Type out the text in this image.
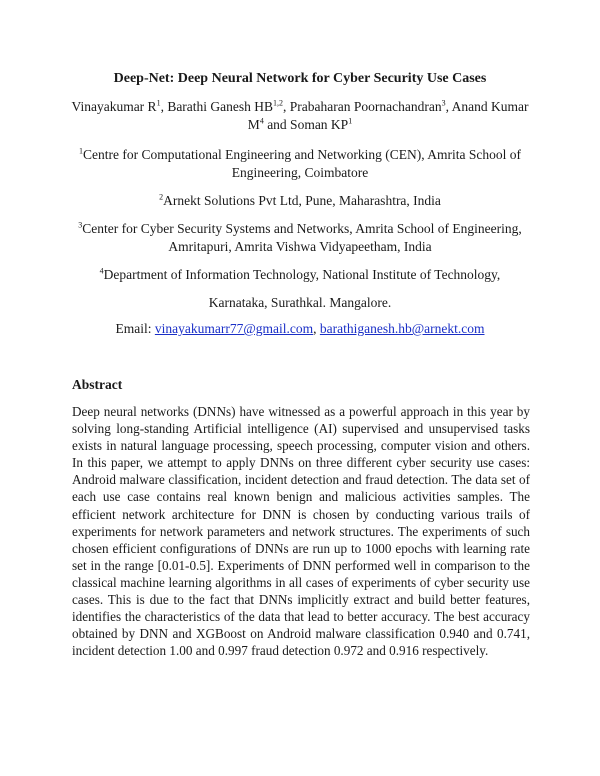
Deep-Net: Deep Neural Network for Cyber Security Use Cases
Vinayakumar $R^1$, Barathi Ganesh HB$^{1,2}$, Prabaharan Poornachandran$^3$, Anand Kumar $M^4$ and Soman $KP^1$
$^1$Centre for Computational Engineering and Networking (CEN), Amrita School of Engineering, Coimbatore
$^2$Arnekt Solutions Pvt Ltd, Pune, Maharashtra, India
$^3$Center for Cyber Security Systems and Networks, Amrita School of Engineering, Amritapuri, Amrita Vishwa Vidyapeetham, India
$^4$Department of Information Technology, National Institute of Technology,
Karnataka, Surathkal. Mangalore.
Email: vinayakumarr77@gmail.com, barathiganesh.hb@arnekt.com
Abstract

Deep neural networks (DNNs) have witnessed as a powerful approach in this year by solving long-standing Artificial intelligence (AI) supervised and unsupervised tasks exists in natural language processing, speech processing, computer vision and others. In this paper, we attempt to apply DNNs on three different cyber security use cases: Android malware classification, incident detection and fraud detection. The data set of each use case contains real known benign and malicious activities samples. The efficient network architecture for DNN is chosen by conducting various trails of experiments for network parameters and network structures. The experiments of such chosen efficient configurations of DNNs are run up to 1000 epochs with learning rate set in the range [0.01-0.5]. Experiments of DNN performed well in comparison to the classical machine learning algorithms in all cases of experiments of cyber security use cases. This is due to the fact that DNNs implicitly extract and build better features, identifies the characteristics of the data that lead to better accuracy. The best accuracy obtained by DNN and XGBoost on Android malware classification 0.940 and 0.741, incident detection 1.00 and 0.997 fraud detection 0.972 and 0.916 respectively.
